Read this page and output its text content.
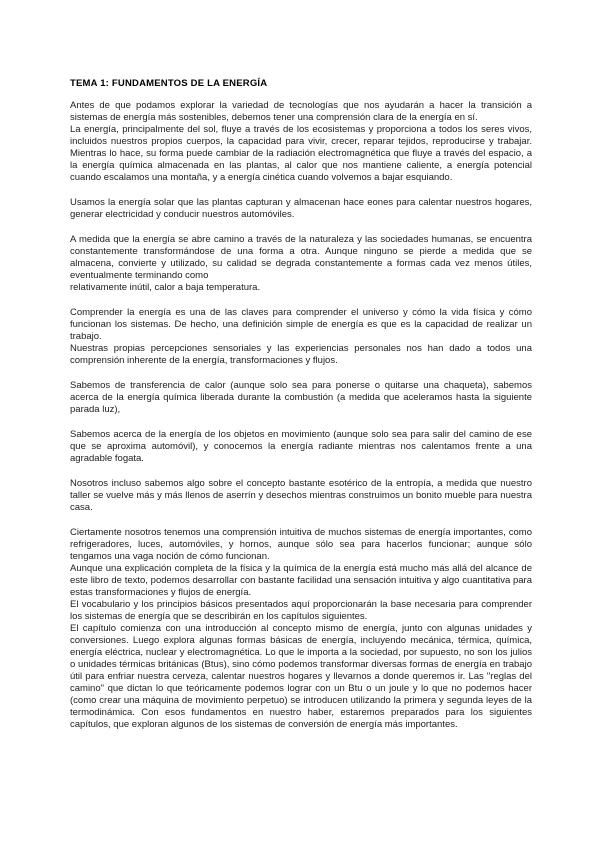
TEMA 1: FUNDAMENTOS DE LA ENERGÍA

Antes de que podamos explorar la variedad de tecnologías que nos ayudarán a hacer la transición a sistemas de energía más sostenibles, debemos tener una comprensión clara de la energía en sí.

La energía, principalmente del sol, fluye a través de los ecosistemas y proporciona a todos los seres vivos, incluidos nuestros propios cuerpos, la capacidad para vivir, crecer, reparar tejidos, reproducirse y trabajar. Mientras lo hace, su forma puede cambiar de la radiación electromagnética que fluye a través del espacio, a la energía química almacenada en las plantas, al calor que nos mantiene caliente, a energía potencial cuando escalamos una montaña, y a energía cinética cuando volvemos a bajar esquiando.

Usamos la energía solar que las plantas capturan y almacenan hace eones para calentar nuestros hogares, generar electricidad y conducir nuestros automóviles.

A medida que la energía se abre camino a través de la naturaleza y las sociedades humanas, se encuentra constantemente transformándose de una forma a otra. Aunque ninguno se pierde a medida que se almacena, convierte y utilizado, su calidad se degrada constantemente a formas cada vez menos útiles, eventualmente terminando como

relativamente inútil, calor a baja temperatura.

Comprender la energía es una de las claves para comprender el universo y cómo la vida física y cómo funcionan los sistemas. De hecho, una definición simple de energía es que es la capacidad de realizar un trabajo.

Nuestras propias percepciones sensoriales y las experiencias personales nos han dado a todos una comprensión inherente de la energía, transformaciones y flujos.

Sabemos de transferencia de calor (aunque solo sea para ponerse o quitarse una chaqueta), sabemos acerca de la energía química liberada durante la combustión (a medida que aceleramos hasta la siguiente parada luz),

Sabemos acerca de la energía de los objetos en movimiento (aunque solo sea para salir del camino de ese que se aproxima automóvil), y conocemos la energía radiante mientras nos calentamos frente a una agradable fogata.

Nosotros incluso sabemos algo sobre el concepto bastante esotérico de la entropía, a medida que nuestro taller se vuelve más y más llenos de aserrín y desechos mientras construimos un bonito mueble para nuestra casa.

Ciertamente nosotros tenemos una comprensión intuitiva de muchos sistemas de energía importantes, como refrigeradores, luces, automóviles, y hornos, aunque sólo sea para hacerlos funcionar; aunque sólo tengamos una vaga noción de cómo funcionan.

Aunque una explicación completa de la física y la química de la energía está mucho más allá del alcance de este libro de texto, podemos desarrollar con bastante facilidad una sensación intuitiva y algo cuantitativa para estas transformaciones y flujos de energía.

El vocabulario y los principios básicos presentados aquí proporcionarán la base necesaria para comprender los sistemas de energía que se describirán en los capítulos siguientes.

El capítulo comienza con una introducción al concepto mismo de energía, junto con algunas unidades y conversiones. Luego explora algunas formas básicas de energía, incluyendo mecánica, térmica, química, energía eléctrica, nuclear y electromagnética. Lo que le importa a la sociedad, por supuesto, no son los julios o unidades térmicas británicas (Btus), sino cómo podemos transformar diversas formas de energía en trabajo útil para enfriar nuestra cerveza, calentar nuestros hogares y llevarnos a donde queremos ir. Las "reglas del camino" que dictan lo que teóricamente podemos lograr con un Btu o un joule y lo que no podemos hacer (como crear una máquina de movimiento perpetuo) se introducen utilizando la primera y segunda leyes de la termodinámica. Con esos fundamentos en nuestro haber, estaremos preparados para los siguientes capítulos, que exploran algunos de los sistemas de conversión de energía más importantes.
